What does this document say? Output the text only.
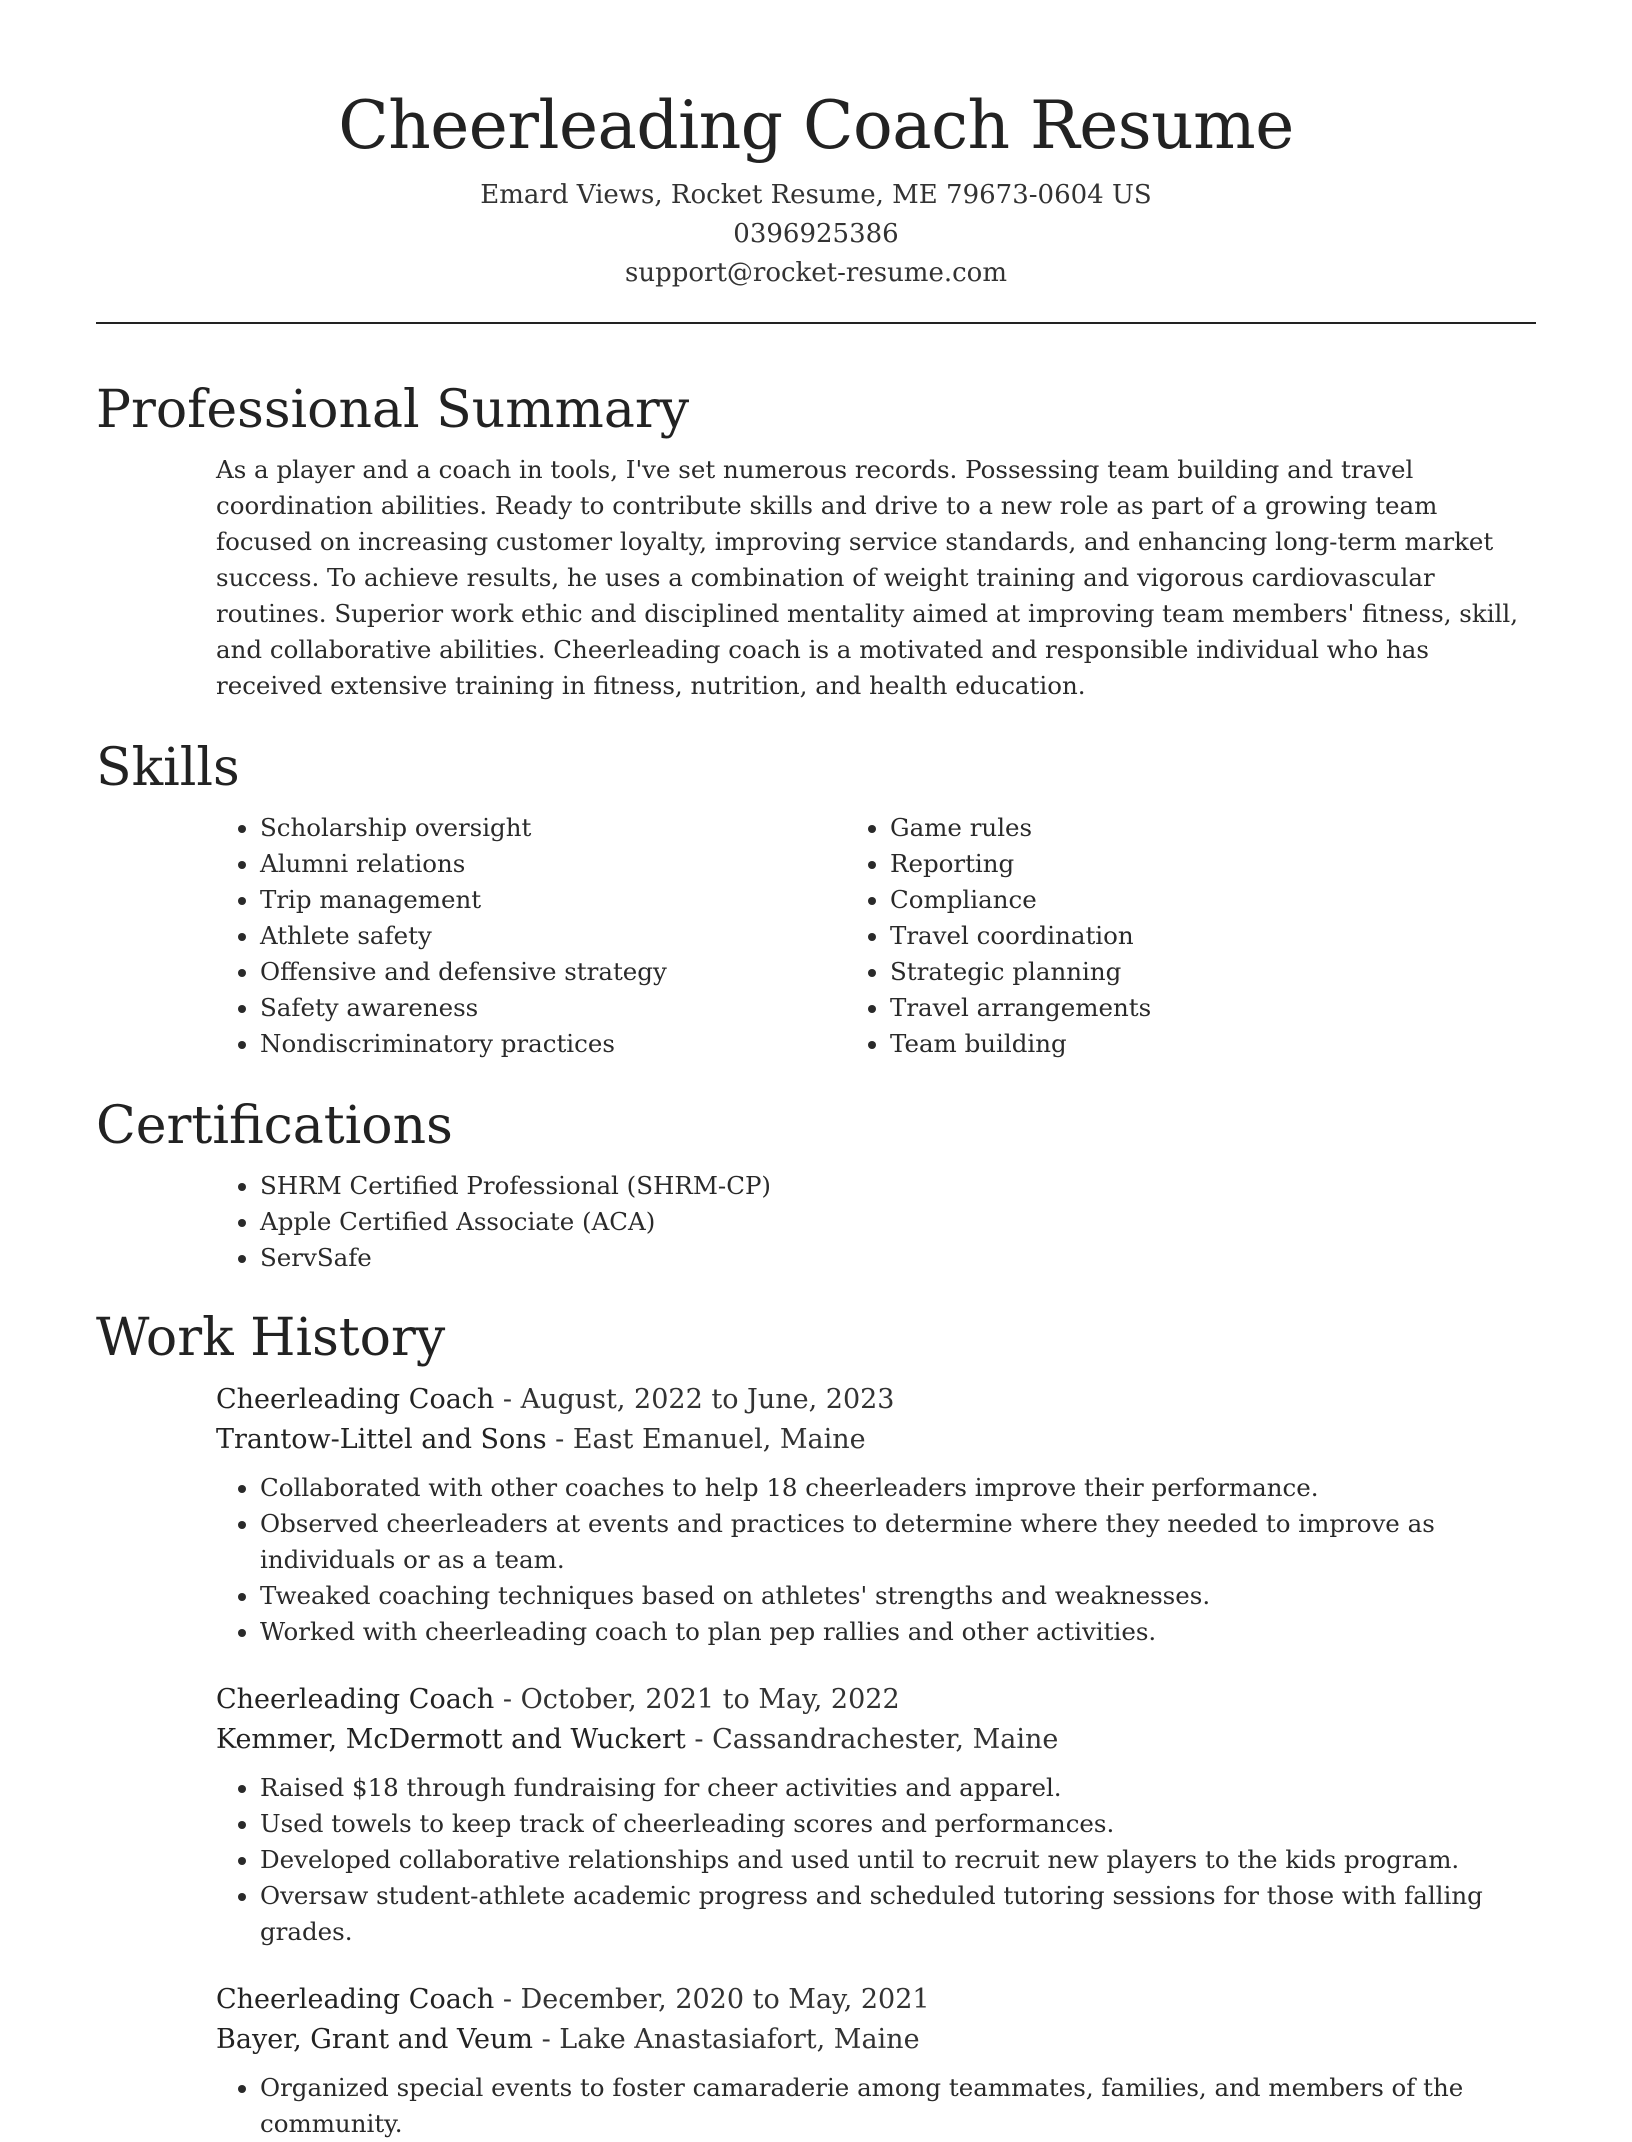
Cheerleading Coach Resume
Emard Views, Rocket Resume, ME 79673-0604 US
0396925386
support@rocket-resume.com
Professional Summary
As a player and a coach in tools, I've set numerous records. Possessing team building and travel coordination abilities. Ready to contribute skills and drive to a new role as part of a growing team focused on increasing customer loyalty, improving service standards, and enhancing long-term market success. To achieve results, he uses a combination of weight training and vigorous cardiovascular routines. Superior work ethic and disciplined mentality aimed at improving team members' fitness, skill, and collaborative abilities. Cheerleading coach is a motivated and responsible individual who has received extensive training in fitness, nutrition, and health education.
Skills
• Scholarship oversight
• Alumni relations
• Trip management
• Athlete safety
• Offensive and defensive strategy
• Safety awareness
• Nondiscriminatory practices
• Game rules
• Reporting
• Compliance
• Travel coordination
• Strategic planning
• Travel arrangements
• Team building
Certifications
• SHRM Certified Professional (SHRM-CP)
• Apple Certified Associate (ACA)
• ServSafe
Work History
Cheerleading Coach - August, 2022 to June, 2023
Trantow-Littel and Sons - East Emanuel, Maine
• Collaborated with other coaches to help 18 cheerleaders improve their performance.
• Observed cheerleaders at events and practices to determine where they needed to improve as individuals or as a team.
• Tweaked coaching techniques based on athletes' strengths and weaknesses.
• Worked with cheerleading coach to plan pep rallies and other activities.
Cheerleading Coach - October, 2021 to May, 2022
Kemmer, McDermott and Wuckert - Cassandrachester, Maine
• Raised $18 through fundraising for cheer activities and apparel.
• Used towels to keep track of cheerleading scores and performances.
• Developed collaborative relationships and used until to recruit new players to the kids program.
• Oversaw student-athlete academic progress and scheduled tutoring sessions for those with falling grades.
Cheerleading Coach - December, 2020 to May, 2021
Bayer, Grant and Veum - Lake Anastasiafort, Maine
• Organized special events to foster camaraderie among teammates, families, and members of the community.
